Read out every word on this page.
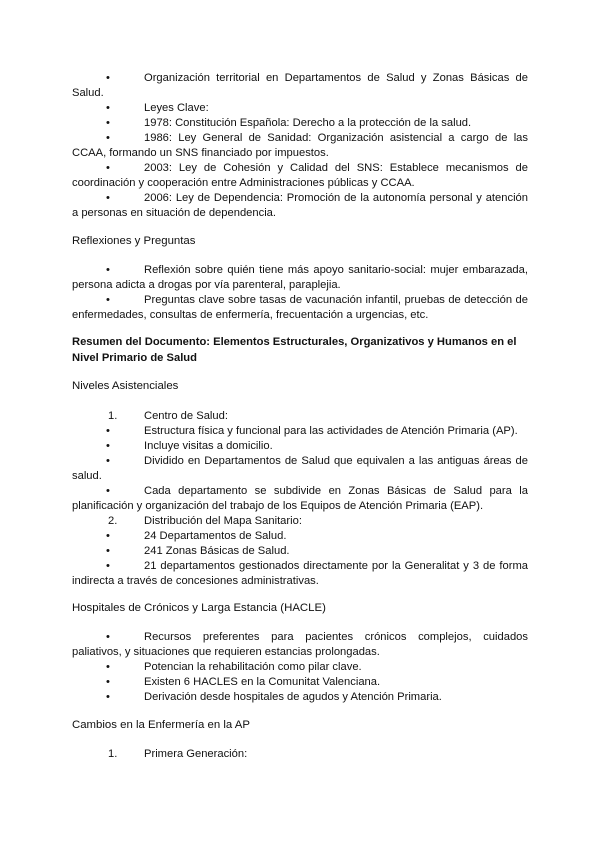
•	Organización territorial en Departamentos de Salud y Zonas Básicas de Salud.
•	Leyes Clave:
•	1978: Constitución Española: Derecho a la protección de la salud.
•	1986: Ley General de Sanidad: Organización asistencial a cargo de las CCAA, formando un SNS financiado por impuestos.
•	2003: Ley de Cohesión y Calidad del SNS: Establece mecanismos de coordinación y cooperación entre Administraciones públicas y CCAA.
•	2006: Ley de Dependencia: Promoción de la autonomía personal y atención a personas en situación de dependencia.
Reflexiones y Preguntas
•	Reflexión sobre quién tiene más apoyo sanitario-social: mujer embarazada, persona adicta a drogas por vía parenteral, paraplejia.
•	Preguntas clave sobre tasas de vacunación infantil, pruebas de detección de enfermedades, consultas de enfermería, frecuentación a urgencias, etc.
Resumen del Documento: Elementos Estructurales, Organizativos y Humanos en el Nivel Primario de Salud
Niveles Asistenciales
1. Centro de Salud:
•	Estructura física y funcional para las actividades de Atención Primaria (AP).
•	Incluye visitas a domicilio.
•	Dividido en Departamentos de Salud que equivalen a las antiguas áreas de salud.
•	Cada departamento se subdivide en Zonas Básicas de Salud para la planificación y organización del trabajo de los Equipos de Atención Primaria (EAP).
2. Distribución del Mapa Sanitario:
•	24 Departamentos de Salud.
•	241 Zonas Básicas de Salud.
•	21 departamentos gestionados directamente por la Generalitat y 3 de forma indirecta a través de concesiones administrativas.
Hospitales de Crónicos y Larga Estancia (HACLE)
•	Recursos preferentes para pacientes crónicos complejos, cuidados paliativos, y situaciones que requieren estancias prolongadas.
•	Potencian la rehabilitación como pilar clave.
•	Existen 6 HACLES en la Comunitat Valenciana.
•	Derivación desde hospitales de agudos y Atención Primaria.
Cambios en la Enfermería en la AP
1. Primera Generación:
